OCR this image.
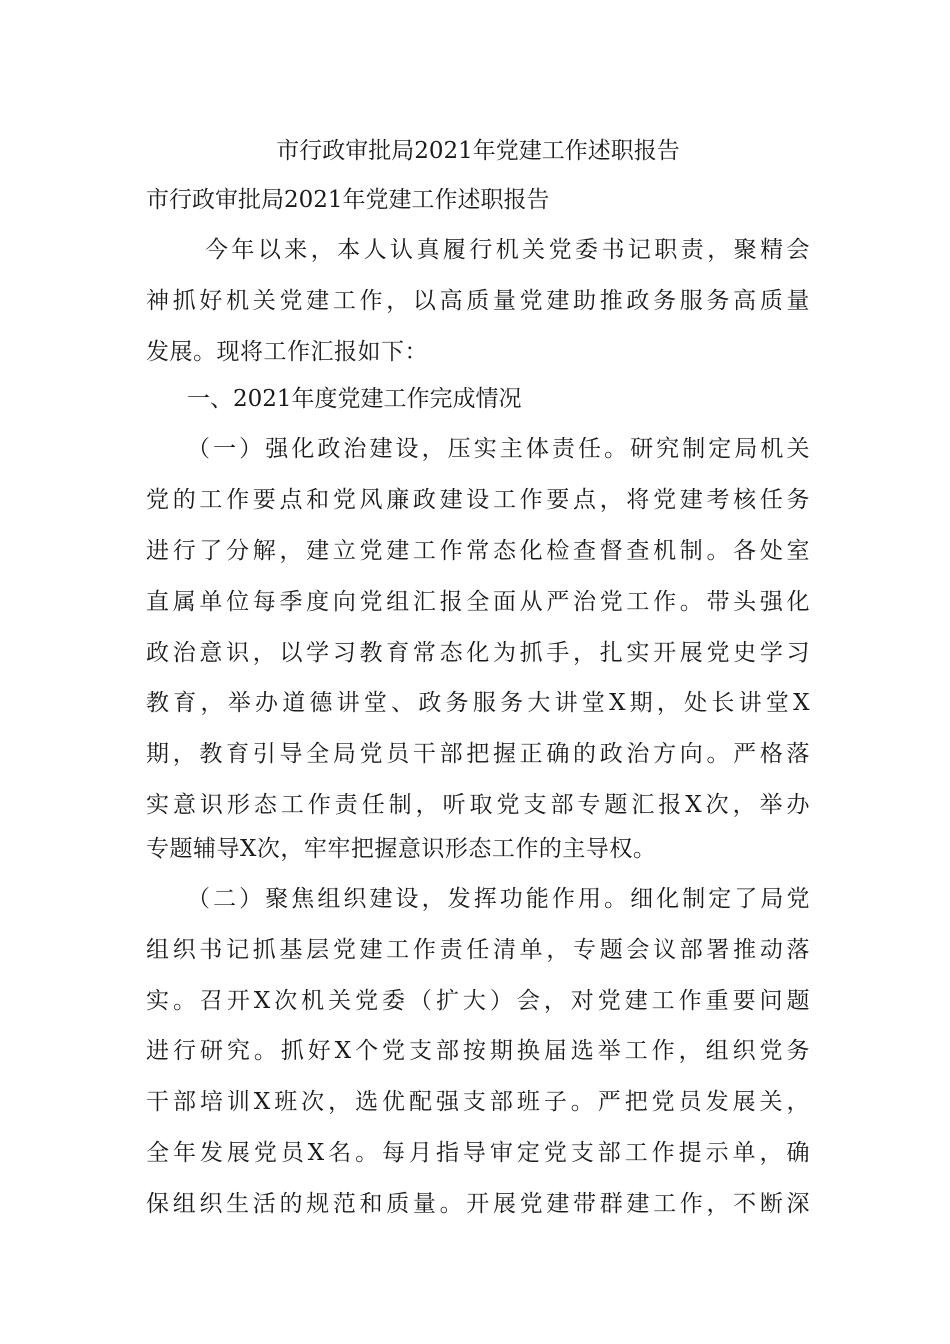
市行政审批局2021年党建工作述职报告
市行政审批局2021年党建工作述职报告
今年以来，本人认真履行机关党委书记职责，聚精会
神抓好机关党建工作，以高质量党建助推政务服务高质量
发展。现将工作汇报如下：
一、2021年度党建工作完成情况
（一）强化政治建设，压实主体责任。研究制定局机关
党的工作要点和党风廉政建设工作要点，将党建考核任务
进行了分解，建立党建工作常态化检查督查机制。各处室
直属单位每季度向党组汇报全面从严治党工作。带头强化
政治意识，以学习教育常态化为抓手，扎实开展党史学习
教育，举办道德讲堂、政务服务大讲堂X期，处长讲堂X
期，教育引导全局党员干部把握正确的政治方向。严格落
实意识形态工作责任制，听取党支部专题汇报X次，举办
专题辅导X次，牢牢把握意识形态工作的主导权。
（二）聚焦组织建设，发挥功能作用。细化制定了局党
组织书记抓基层党建工作责任清单，专题会议部署推动落
实。召开X次机关党委（扩大）会，对党建工作重要问题
进行研究。抓好X个党支部按期换届选举工作，组织党务
干部培训X班次，选优配强支部班子。严把党员发展关，
全年发展党员X名。每月指导审定党支部工作提示单，确
保组织生活的规范和质量。开展党建带群建工作，不断深
